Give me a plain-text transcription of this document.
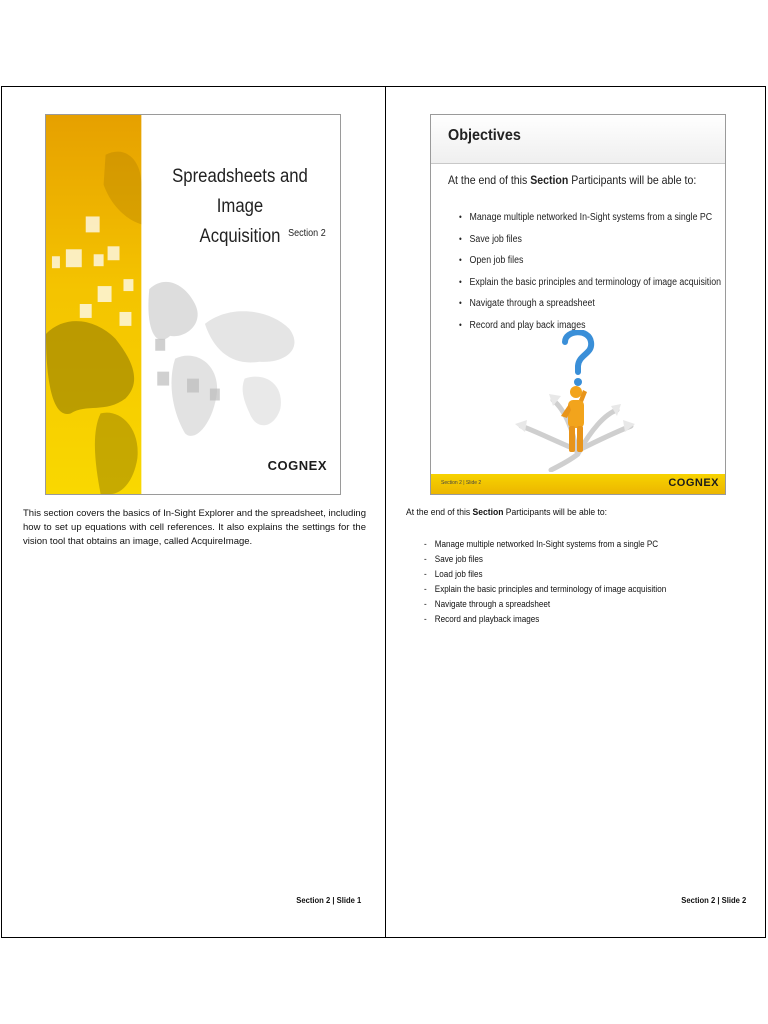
Spreadsheets and Image
Acquisition Section 2
COGNEX
Objectives
At the end of this Section Participants will be able to:
• Manage multiple networked In-Sight systems from a single PC
• Save job files
• Open job files
• Explain the basic principles and terminology of image acquisition
• Navigate through a spreadsheet
• Record and play back images
Section 2 | Slide 2	COGNEX
This section covers the basics of In-Sight Explorer and the spreadsheet, including how to set up equations with cell references. It also explains the settings for the vision tool that obtains an image, called AcquireImage.
At the end of this Section Participants will be able to:
- Manage multiple networked In-Sight systems from a single PC
- Save job files
- Load job files
- Explain the basic principles and terminology of image acquisition
- Navigate through a spreadsheet
- Record and playback images
Section 2 | Slide 1	Section 2 | Slide 2
